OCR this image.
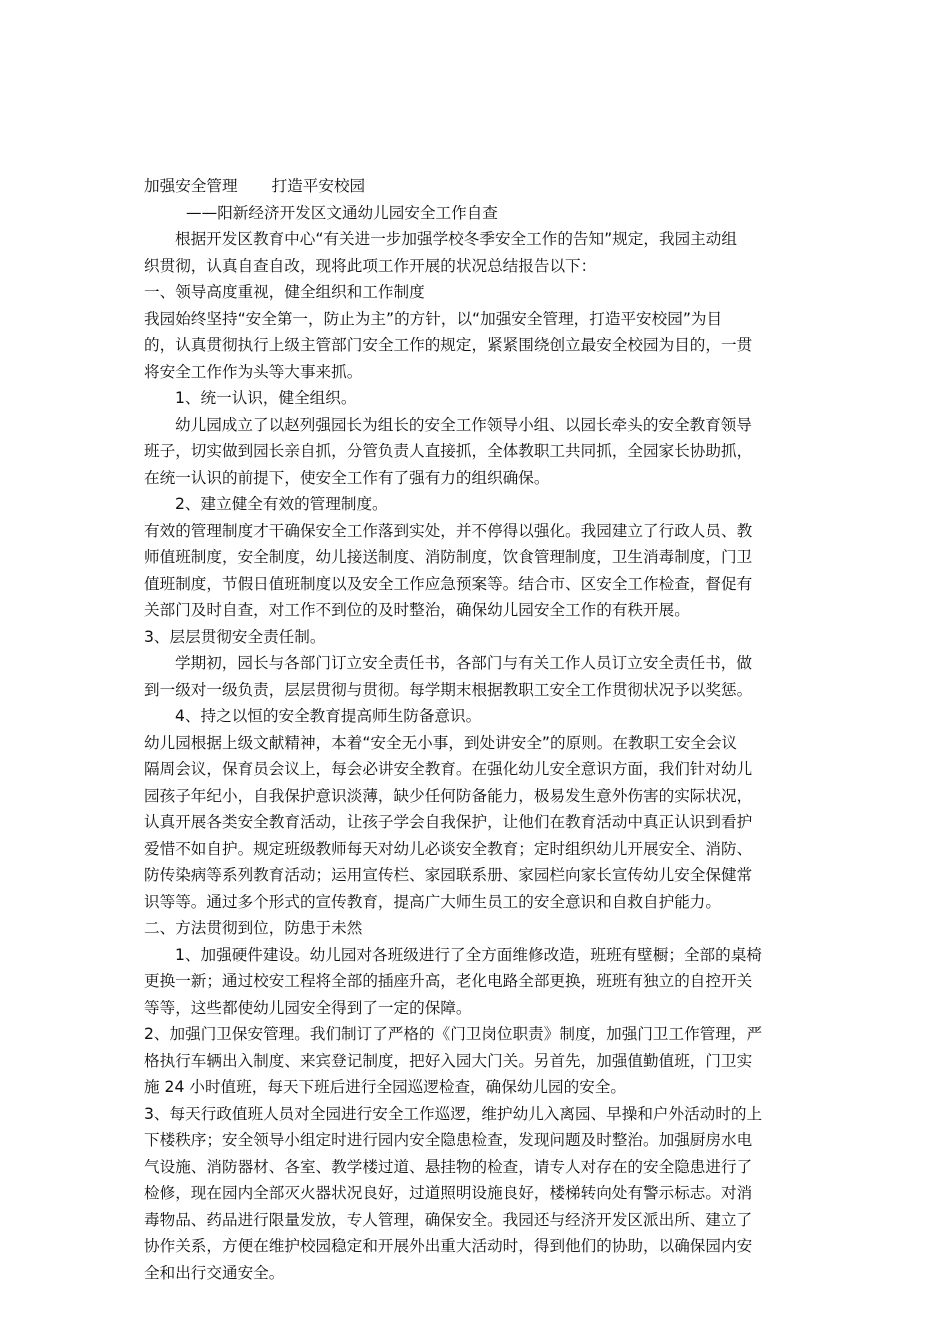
加强安全管理 打造平安校园
——阳新经济开发区文通幼儿园安全工作自查
根据开发区教育中心“有关进一步加强学校冬季安全工作的告知”规定，我园主动组
织贯彻，认真自查自改，现将此项工作开展的状况总结报告以下：
一、领导高度重视，健全组织和工作制度
我园始终坚持“安全第一，防止为主”的方针，以“加强安全管理，打造平安校园”为目
的，认真贯彻执行上级主管部门安全工作的规定，紧紧围绕创立最安全校园为目的，一贯
将安全工作作为头等大事来抓。
1、统一认识，健全组织。
幼儿园成立了以赵列强园长为组长的安全工作领导小组、以园长牵头的安全教育领导
班子，切实做到园长亲自抓，分管负责人直接抓，全体教职工共同抓，全园家长协助抓，
在统一认识的前提下，使安全工作有了强有力的组织确保。
2、建立健全有效的管理制度。
有效的管理制度才干确保安全工作落到实处，并不停得以强化。我园建立了行政人员、教
师值班制度，安全制度，幼儿接送制度、消防制度，饮食管理制度，卫生消毒制度，门卫
值班制度，节假日值班制度以及安全工作应急预案等。结合市、区安全工作检查，督促有
关部门及时自查，对工作不到位的及时整治，确保幼儿园安全工作的有秩开展。
3、层层贯彻安全责任制。
学期初，园长与各部门订立安全责任书，各部门与有关工作人员订立安全责任书，做
到一级对一级负责，层层贯彻与贯彻。每学期末根据教职工安全工作贯彻状况予以奖惩。
4、持之以恒的安全教育提高师生防备意识。
幼儿园根据上级文献精神，本着“安全无小事，到处讲安全”的原则。在教职工安全会议
隔周会议，保育员会议上，每会必讲安全教育。在强化幼儿安全意识方面，我们针对幼儿
园孩子年纪小，自我保护意识淡薄，缺少任何防备能力，极易发生意外伤害的实际状况，
认真开展各类安全教育活动，让孩子学会自我保护，让他们在教育活动中真正认识到看护
爱惜不如自护。规定班级教师每天对幼儿必谈安全教育；定时组织幼儿开展安全、消防、
防传染病等系列教育活动；运用宣传栏、家园联系册、家园栏向家长宣传幼儿安全保健常
识等等。通过多个形式的宣传教育，提高广大师生员工的安全意识和自救自护能力。
二、方法贯彻到位，防患于未然
1、加强硬件建设。幼儿园对各班级进行了全方面维修改造，班班有壁橱；全部的桌椅
更换一新；通过校安工程将全部的插座升高，老化电路全部更换，班班有独立的自控开关
等等，这些都使幼儿园安全得到了一定的保障。
2、加强门卫保安管理。我们制订了严格的《门卫岗位职责》制度，加强门卫工作管理，严
格执行车辆出入制度、来宾登记制度，把好入园大门关。另首先，加强值勤值班，门卫实
施 24 小时值班，每天下班后进行全园巡逻检查，确保幼儿园的安全。
3、每天行政值班人员对全园进行安全工作巡逻，维护幼儿入离园、早操和户外活动时的上
下楼秩序；安全领导小组定时进行园内安全隐患检查，发现问题及时整治。加强厨房水电
气设施、消防器材、各室、教学楼过道、悬挂物的检查，请专人对存在的安全隐患进行了
检修，现在园内全部灭火器状况良好，过道照明设施良好，楼梯转向处有警示标志。对消
毒物品、药品进行限量发放，专人管理，确保安全。我园还与经济开发区派出所、建立了
协作关系，方便在维护校园稳定和开展外出重大活动时，得到他们的协助，以确保园内安
全和出行交通安全。
